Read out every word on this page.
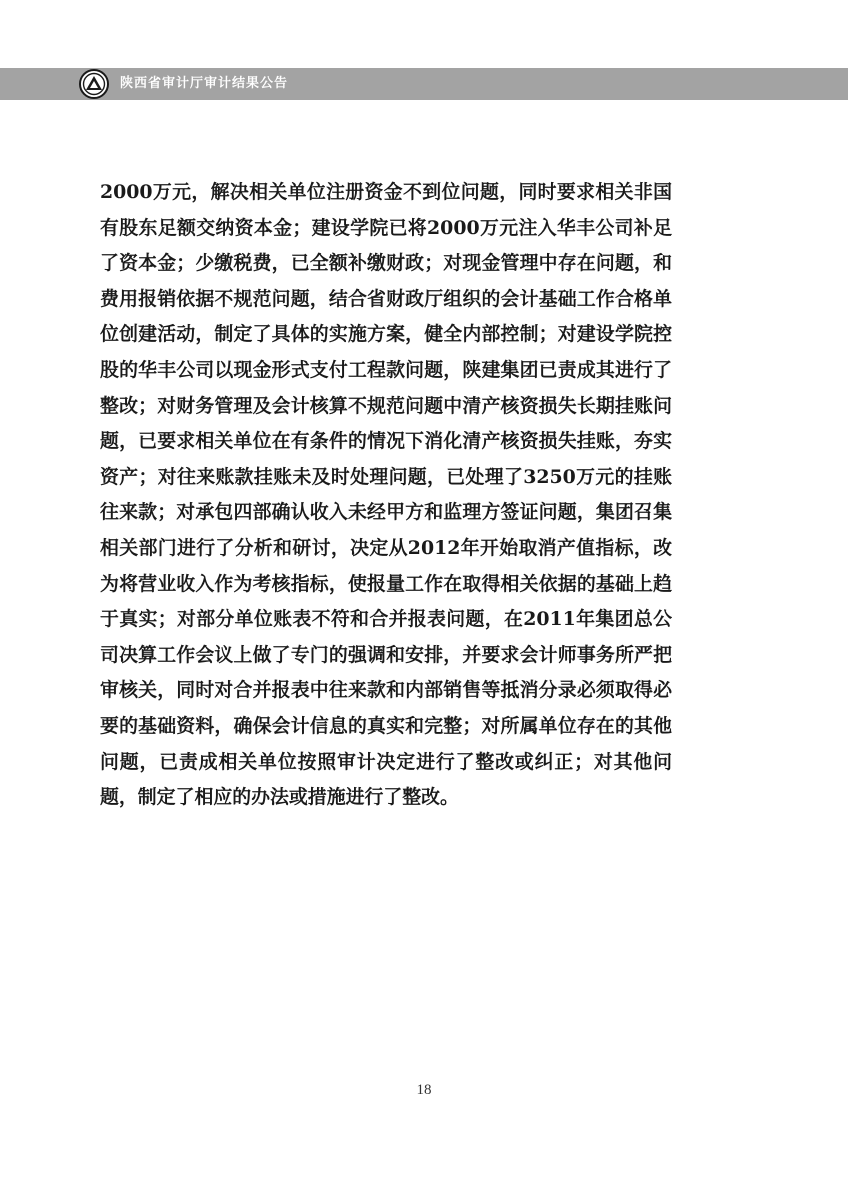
陕西省审计厅审计结果公告

2000万元，解决相关单位注册资金不到位问题，同时要求相关非国有股东足额交纳资本金；建设学院已将2000万元注入华丰公司补足了资本金；少缴税费，已全额补缴财政；对现金管理中存在问题，和费用报销依据不规范问题，结合省财政厅组织的会计基础工作合格单位创建活动，制定了具体的实施方案，健全内部控制；对建设学院控股的华丰公司以现金形式支付工程款问题，陕建集团已责成其进行了整改；对财务管理及会计核算不规范问题中清产核资损失长期挂账问题，已要求相关单位在有条件的情况下消化清产核资损失挂账，夯实资产；对往来账款挂账未及时处理问题，已处理了3250万元的挂账往来款；对承包四部确认收入未经甲方和监理方签证问题，集团召集相关部门进行了分析和研讨，决定从2012年开始取消产值指标，改为将营业收入作为考核指标，使报量工作在取得相关依据的基础上趋于真实；对部分单位账表不符和合并报表问题，在2011年集团总公司决算工作会议上做了专门的强调和安排，并要求会计师事务所严把审核关，同时对合并报表中往来款和内部销售等抵消分录必须取得必要的基础资料，确保会计信息的真实和完整；对所属单位存在的其他问题，已责成相关单位按照审计决定进行了整改或纠正；对其他问题，制定了相应的办法或措施进行了整改。

18
